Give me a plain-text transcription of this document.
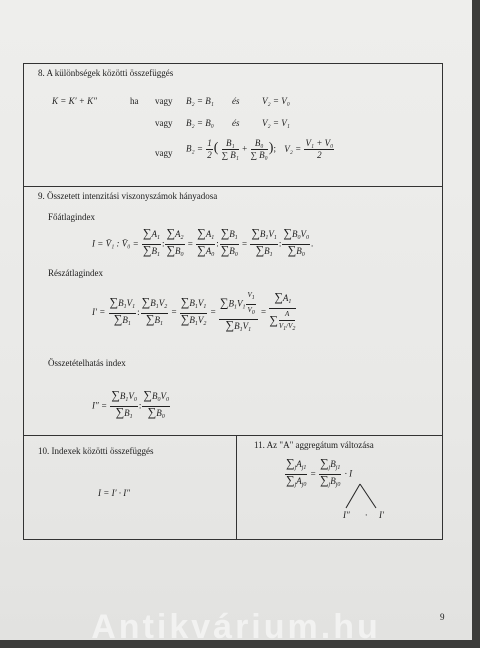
8. A különbségek közötti összefüggés
K = K′ + K″	ha vagy B₂ = B₁ és	V₂ = V₀
vagy B₂ = B₀ és	V₂ = V₁
vagy $B_2 = \frac{1}{2}$ ( $\frac{\text{B₁}}{\text{∑ B₁}} + \frac{\text{B₀}}{\text{∑ B₀}}$ ); $V_2 = \frac{\text{V₁ + V₀}}{2}$
9. Összetett intenzitási viszonyszámok hányadosa
Főátlagindex
I = V̄₁ : V̄₀ = $\frac{\sum A_1}{\sum B_1}$ : $\frac{\sum A_2}{\sum B_0} = \frac{\sum A_1}{\sum A_0}$ : $\frac{\sum B_1}{\sum B_0} = \frac{\sum B_1V_1}{\sum B_1}$ : $\frac{\sum B_0V_0}{\sum B_0}$ .
Részátlagindex
$I' = \frac{\sum B_1V_1}{\sum B_1}$ : $\frac{\sum B_1V_2}{\sum B_1} = \frac{\sum B_1V_1}{\sum B_1V_2} = \frac{\sum B_1V_1 \frac{V1}{V0}}{\sum B_1V_1} = \frac{\sum A_1}{\sum \frac{A}{V1/V2}}$
Összetételhatás index
$I'' = \frac{\sum B_1V_0}{\sum B_1}$ : $\frac{\sum B_0V_0}{\sum B_0}$
10. Indexek közötti összefüggés
I = I′ · I″
11. Az "A" aggregátum változása
$\frac{\sum_jA_{j1}}{\sum_jA_{j0}} = \frac{\sum_jB_{j1}}{\sum_jB_{j0}} \cdot I$
I″ · I′
9
Antikvárium.hu
